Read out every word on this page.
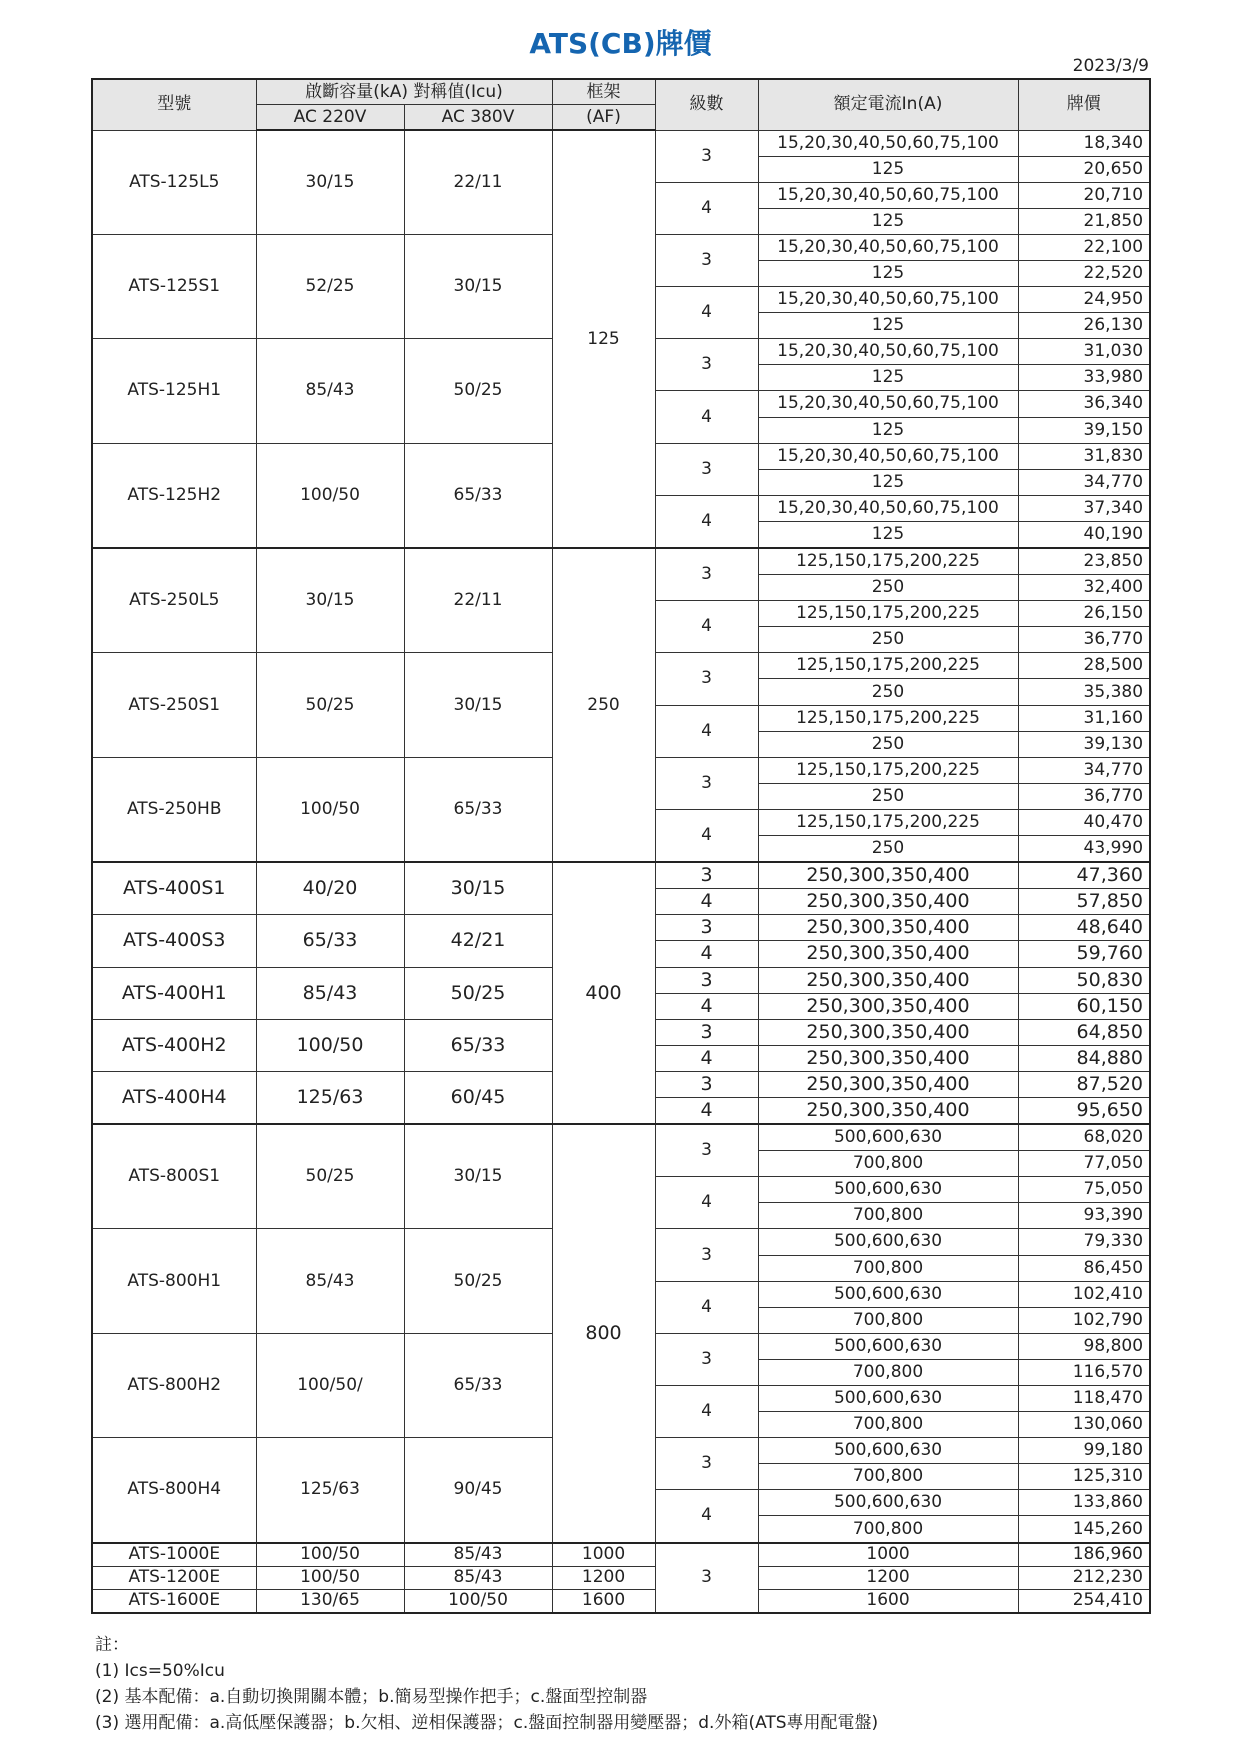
ATS(CB)牌價
2023/3/9
型號	啟斷容量(kA) 對稱值(Icu)		框架	級數	額定電流In(A)	牌價
	AC 220V	AC 380V	(AF)			
ATS-125L5	30/15	22/11	125	3	15,20,30,40,50,60,75,100	18,340
					125	20,650
				4	15,20,30,40,50,60,75,100	20,710
					125	21,850
ATS-125S1	52/25	30/15		3	15,20,30,40,50,60,75,100	22,100
					125	22,520
				4	15,20,30,40,50,60,75,100	24,950
					125	26,130
ATS-125H1	85/43	50/25		3	15,20,30,40,50,60,75,100	31,030
					125	33,980
				4	15,20,30,40,50,60,75,100	36,340
					125	39,150
ATS-125H2	100/50	65/33		3	15,20,30,40,50,60,75,100	31,830
					125	34,770
				4	15,20,30,40,50,60,75,100	37,340
					125	40,190
ATS-250L5	30/15	22/11	250	3	125,150,175,200,225	23,850
					250	32,400
				4	125,150,175,200,225	26,150
					250	36,770
ATS-250S1	50/25	30/15		3	125,150,175,200,225	28,500
					250	35,380
				4	125,150,175,200,225	31,160
					250	39,130
ATS-250HB	100/50	65/33		3	125,150,175,200,225	34,770
					250	36,770
				4	125,150,175,200,225	40,470
					250	43,990
ATS-400S1	40/20	30/15	400	3	250,300,350,400	47,360
				4	250,300,350,400	57,850
ATS-400S3	65/33	42/21		3	250,300,350,400	48,640
				4	250,300,350,400	59,760
ATS-400H1	85/43	50/25		3	250,300,350,400	50,830
				4	250,300,350,400	60,150
ATS-400H2	100/50	65/33		3	250,300,350,400	64,850
				4	250,300,350,400	84,880
ATS-400H4	125/63	60/45		3	250,300,350,400	87,520
				4	250,300,350,400	95,650
ATS-800S1	50/25	30/15	800	3	500,600,630	68,020
					700,800	77,050
				4	500,600,630	75,050
					700,800	93,390
ATS-800H1	85/43	50/25		3	500,600,630	79,330
					700,800	86,450
				4	500,600,630	102,410
					700,800	102,790
ATS-800H2	100/50/	65/33		3	500,600,630	98,800
					700,800	116,570
				4	500,600,630	118,470
					700,800	130,060
ATS-800H4	125/63	90/45		3	500,600,630	99,180
					700,800	125,310
				4	500,600,630	133,860
					700,800	145,260
ATS-1000E	100/50	85/43	1000	3	1000	186,960
ATS-1200E	100/50	85/43	1200		1200	212,230
ATS-1600E	130/65	100/50	1600		1600	254,410
註：
(1) Ics=50%Icu
(2) 基本配備：a.自動切換開關本體；b.簡易型操作把手；c.盤面型控制器
(3) 選用配備：a.高低壓保護器；b.欠相、逆相保護器；c.盤面控制器用變壓器；d.外箱(ATS專用配電盤)
